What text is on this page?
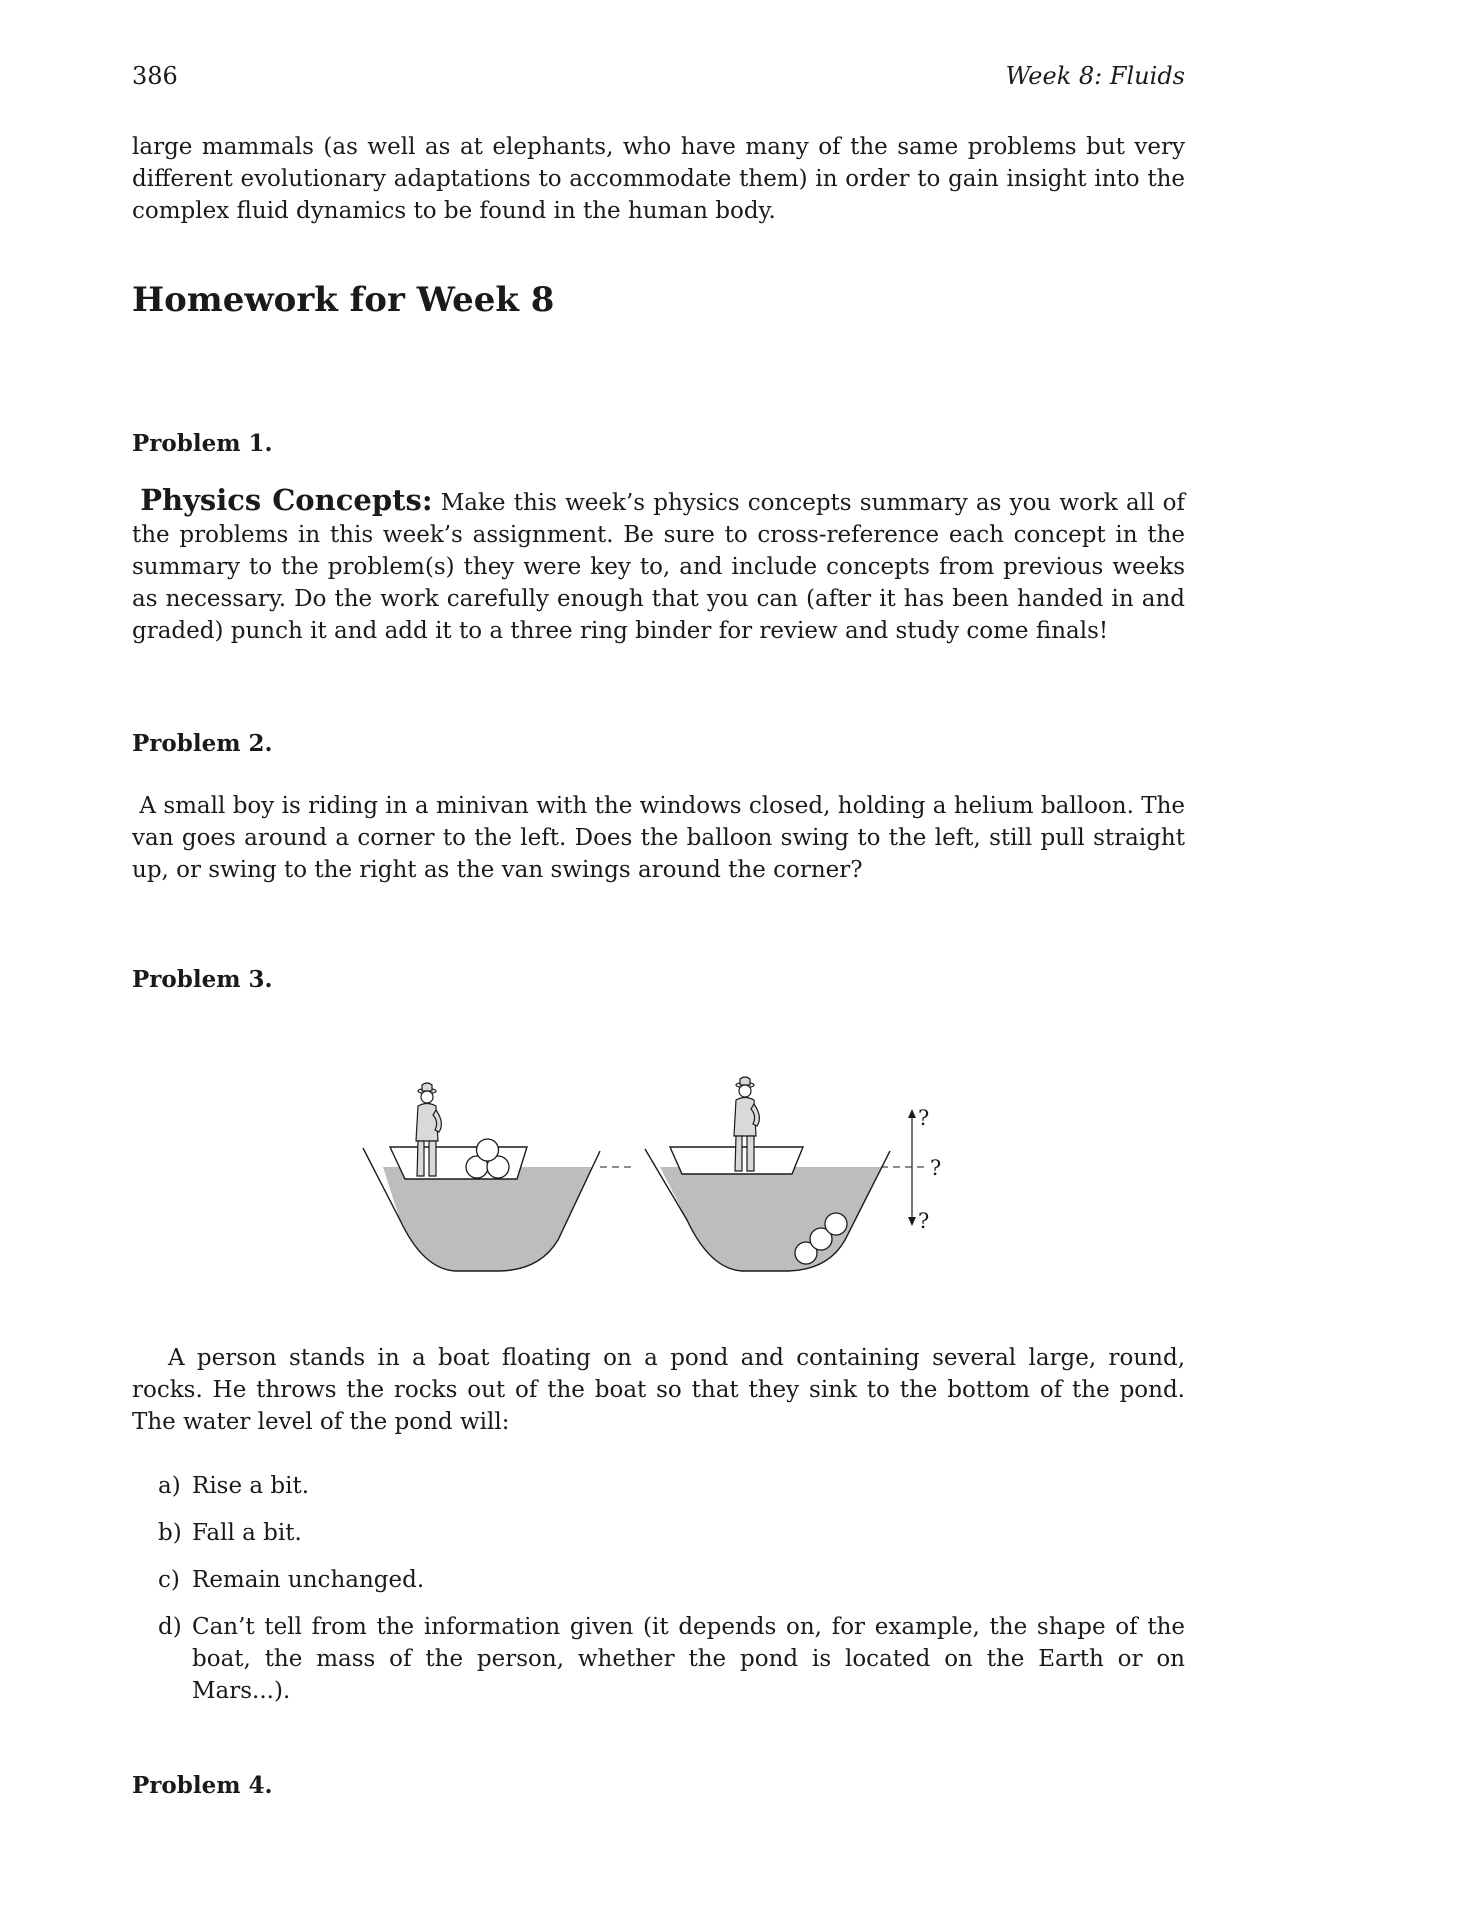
386	Week 8: Fluids

large mammals (as well as at elephants, who have many of the same problems but very different evolutionary adaptations to accommodate them) in order to gain insight into the complex fluid dynamics to be found in the human body.

Homework for Week 8
Problem 1.

Physics Concepts: Make this week’s physics concepts summary as you work all of the problems in this week’s assignment. Be sure to cross-reference each concept in the summary to the problem(s) they were key to, and include concepts from previous weeks as necessary. Do the work carefully enough that you can (after it has been handed in and graded) punch it and add it to a three ring binder for review and study come finals!

Problem 2.

A small boy is riding in a minivan with the windows closed, holding a helium balloon. The van goes around a corner to the left. Does the balloon swing to the left, still pull straight up, or swing to the right as the van swings around the corner?

Problem 3.
?
?
?

A person stands in a boat floating on a pond and containing several large, round, rocks. He throws the rocks out of the boat so that they sink to the bottom of the pond. The water level of the pond will:

a) Rise a bit.
b) Fall a bit.
c) Remain unchanged.
d) Can’t tell from the information given (it depends on, for example, the shape of the boat, the mass of the person, whether the pond is located on the Earth or on Mars...).
Problem 4.
